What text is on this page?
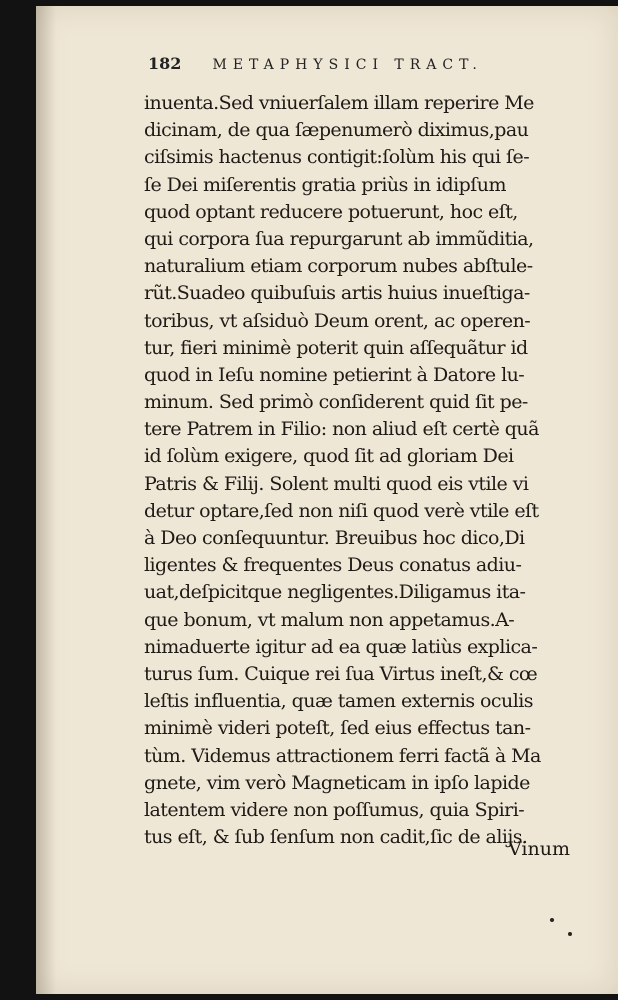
182 METAPHYSICI TRACT.
inuenta.Sed vniuerſalem illam reperire Me
dicinam, de qua ſæpenumerò diximus,pau
ciſsimis hactenus contigit:ſolùm his qui ſe-
ſe Dei miſerentis gratia priùs in idipſum
quod optant reducere potuerunt, hoc eſt,
qui corpora ſua repurgarunt ab immũditia,
naturalium etiam corporum nubes abſtule-
rũt.Suadeo quibuſuis artis huius inueſtiga-
toribus, vt aſsiduò Deum orent, ac operen-
tur, fieri minimè poterit quin aſſequãtur id
quod in Ieſu nomine petierint à Datore lu-
minum. Sed primò conſiderent quid ſit pe-
tere Patrem in Filio: non aliud eſt certè quã
id ſolùm exigere, quod ſit ad gloriam Dei
Patris & Filij. Solent multi quod eis vtile vi
detur optare,ſed non niſi quod verè vtile eſt
à Deo conſequuntur. Breuibus hoc dico,Di
ligentes & frequentes Deus conatus adiu-
uat,deſpicitque negligentes.Diligamus ita-
que bonum, vt malum non appetamus.A-
nimaduerte igitur ad ea quæ latiùs explica-
turus ſum. Cuique rei ſua Virtus ineſt,& cœ
leſtis influentia, quæ tamen externis oculis
minimè videri poteſt, ſed eius effectus tan-
tùm. Videmus attractionem ferri factã à Ma
gnete, vim verò Magneticam in ipſo lapide
latentem videre non poſſumus, quia Spiri-
tus eſt, & ſub ſenſum non cadit,ſic de alijs.
Vinum
